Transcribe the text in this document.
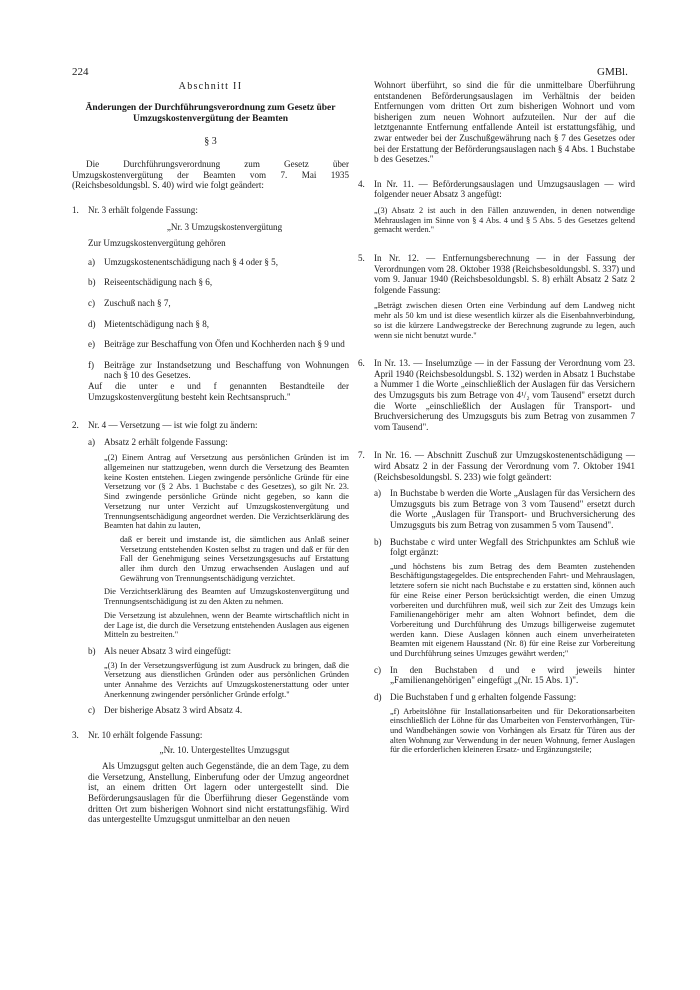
224	GMBl.

Abschnitt II

Änderungen der Durchführungsverordnung zum Gesetz über Umzugskostenvergütung der Beamten

§ 3

Die Durchführungsverordnung zum Gesetz über Umzugskostenvergütung der Beamten vom 7. Mai 1935 (Reichsbesoldungsbl. S. 40) wird wie folgt geändert:

1. Nr. 3 erhält folgende Fassung:

„Nr. 3 Umzugskostenvergütung

Zur Umzugskostenvergütung gehören

a) Umzugskostenentschädigung nach § 4 oder § 5,

b) Reiseentschädigung nach § 6,

c) Zuschuß nach § 7,

d) Mietentschädigung nach § 8,

e) Beiträge zur Beschaffung von Öfen und Kochherden nach § 9 und

f) Beiträge zur Instandsetzung und Beschaffung von Wohnungen nach § 10 des Gesetzes.

Auf die unter e und f genannten Bestandteile der Umzugskostenvergütung besteht kein Rechtsanspruch."

2. Nr. 4 — Versetzung — ist wie folgt zu ändern:

a) Absatz 2 erhält folgende Fassung:

„(2) Einem Antrag auf Versetzung aus persönlichen Gründen ist im allgemeinen nur stattzugeben, wenn durch die Versetzung des Beamten keine Kosten entstehen. Liegen zwingende persönliche Gründe für eine Versetzung vor (§ 2 Abs. 1 Buchstabe c des Gesetzes), so gilt Nr. 23. Sind zwingende persönliche Gründe nicht gegeben, so kann die Versetzung nur unter Verzicht auf Umzugskostenvergütung und Trennungsentschädigung angeordnet werden. Die Verzichtserklärung des Beamten hat dahin zu lauten,

daß er bereit und imstande ist, die sämtlichen aus Anlaß seiner Versetzung entstehenden Kosten selbst zu tragen und daß er für den Fall der Genehmigung seines Versetzungsgesuchs auf Erstattung aller ihm durch den Umzug erwachsenden Auslagen und auf Gewährung von Trennungsentschädigung verzichtet.

Die Verzichtserklärung des Beamten auf Umzugskostenvergütung und Trennungsentschädigung ist zu den Akten zu nehmen.

Die Versetzung ist abzulehnen, wenn der Beamte wirtschaftlich nicht in der Lage ist, die durch die Versetzung entstehenden Auslagen aus eigenen Mitteln zu bestreiten."

b) Als neuer Absatz 3 wird eingefügt:

„(3) In der Versetzungsverfügung ist zum Ausdruck zu bringen, daß die Versetzung aus dienstlichen Gründen oder aus persönlichen Gründen unter Annahme des Verzichts auf Umzugskostenerstattung oder unter Anerkennung zwingender persönlicher Gründe erfolgt."

c) Der bisherige Absatz 3 wird Absatz 4.

3. Nr. 10 erhält folgende Fassung:

„Nr. 10. Untergestelltes Umzugsgut

Als Umzugsgut gelten auch Gegenstände, die an dem Tage, zu dem die Versetzung, Anstellung, Einberufung oder der Umzug angeordnet ist, an einem dritten Ort lagern oder untergestellt sind. Die Beförderungsauslagen für die Überführung dieser Gegenstände vom dritten Ort zum bisherigen Wohnort sind nicht erstattungsfähig. Wird das untergestellte Umzugsgut unmittelbar an den neuen

Wohnort überführt, so sind die für die unmittelbare Überführung entstandenen Beförderungsauslagen im Verhältnis der beiden Entfernungen vom dritten Ort zum bisherigen Wohnort und vom bisherigen zum neuen Wohnort aufzuteilen. Nur der auf die letztgenannte Entfernung entfallende Anteil ist erstattungsfähig, und zwar entweder bei der Zuschußgewährung nach § 7 des Gesetzes oder bei der Erstattung der Beförderungsauslagen nach § 4 Abs. 1 Buchstabe b des Gesetzes."

4. In Nr. 11. — Beförderungsauslagen und Umzugsauslagen — wird folgender neuer Absatz 3 angefügt:

„(3) Absatz 2 ist auch in den Fällen anzuwenden, in denen notwendige Mehrauslagen im Sinne von § 4 Abs. 4 und § 5 Abs. 5 des Gesetzes geltend gemacht werden."

5. In Nr. 12. — Entfernungsberechnung — in der Fassung der Verordnungen vom 28. Oktober 1938 (Reichsbesoldungsbl. S. 337) und vom 9. Januar 1940 (Reichsbesoldungsbl. S. 8) erhält Absatz 2 Satz 2 folgende Fassung:

„Beträgt zwischen diesen Orten eine Verbindung auf dem Landweg nicht mehr als 50 km und ist diese wesentlich kürzer als die Eisenbahnverbindung, so ist die kürzere Landwegstrecke der Berechnung zugrunde zu legen, auch wenn sie nicht benutzt wurde."

6. In Nr. 13. — Inselumzüge — in der Fassung der Verordnung vom 23. April 1940 (Reichsbesoldungsbl. S. 132) werden in Absatz 1 Buchstabe a Nummer 1 die Worte „einschließlich der Auslagen für das Versichern des Umzugsguts bis zum Betrage von 4¹/₂ vom Tausend" ersetzt durch die Worte „einschließlich der Auslagen für Transport- und Bruchversicherung des Umzugsguts bis zum Betrag von zusammen 7 vom Tausend".

7. In Nr. 16. — Abschnitt Zuschuß zur Umzugskostenentschädigung — wird Absatz 2 in der Fassung der Verordnung vom 7. Oktober 1941 (Reichsbesoldungsbl. S. 233) wie folgt geändert:

a) In Buchstabe b werden die Worte „Auslagen für das Versichern des Umzugsguts bis zum Betrage von 3 vom Tausend" ersetzt durch die Worte „Auslagen für Transport- und Bruchversicherung des Umzugsguts bis zum Betrag von zusammen 5 vom Tausend".

b) Buchstabe c wird unter Wegfall des Strichpunktes am Schluß wie folgt ergänzt:

„und höchstens bis zum Betrag des dem Beamten zustehenden Beschäftigungstagegeldes. Die entsprechenden Fahrt- und Mehrauslagen, letztere sofern sie nicht nach Buchstabe e zu erstatten sind, können auch für eine Reise einer Person berücksichtigt werden, die einen Umzug vorbereiten und durchführen muß, weil sich zur Zeit des Umzugs kein Familienangehöriger mehr am alten Wohnort befindet, dem die Vorbereitung und Durchführung des Umzugs billigerweise zugemutet werden kann. Diese Auslagen können auch einem unverheirateten Beamten mit eigenem Hausstand (Nr. 8) für eine Reise zur Vorbereitung und Durchführung seines Umzuges gewährt werden;"

c) In den Buchstaben d und e wird jeweils hinter „Familienangehörigen" eingefügt „(Nr. 15 Abs. 1)".

d) Die Buchstaben f und g erhalten folgende Fassung:

„f) Arbeitslöhne für Installationsarbeiten und für Dekorationsarbeiten einschließlich der Löhne für das Umarbeiten von Fenstervorhängen, Tür- und Wandbehängen sowie von Vorhängen als Ersatz für Türen aus der alten Wohnung zur Verwendung in der neuen Wohnung, ferner Auslagen für die erforderlichen kleineren Ersatz- und Ergänzungsteile;
